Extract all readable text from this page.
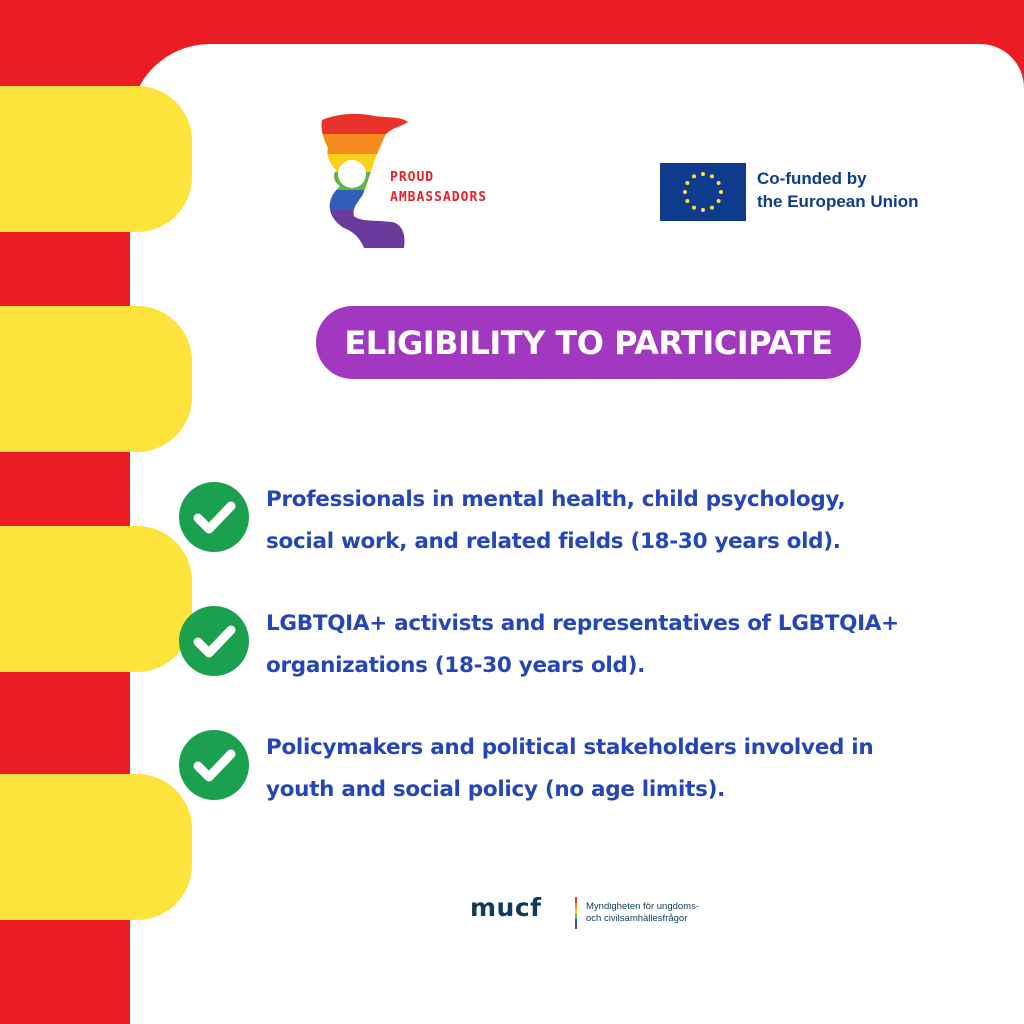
PROUD
AMBASSADORS
Co-funded by
the European Union
ELIGIBILITY TO PARTICIPATE
Professionals in mental health, child psychology,
social work, and related fields (18-30 years old).
LGBTQIA+ activists and representatives of LGBTQIA+
organizations (18-30 years old).
Policymakers and political stakeholders involved in
youth and social policy (no age limits).
mucf	Myndigheten för ungdoms-
och civilsamhällesfrågor
